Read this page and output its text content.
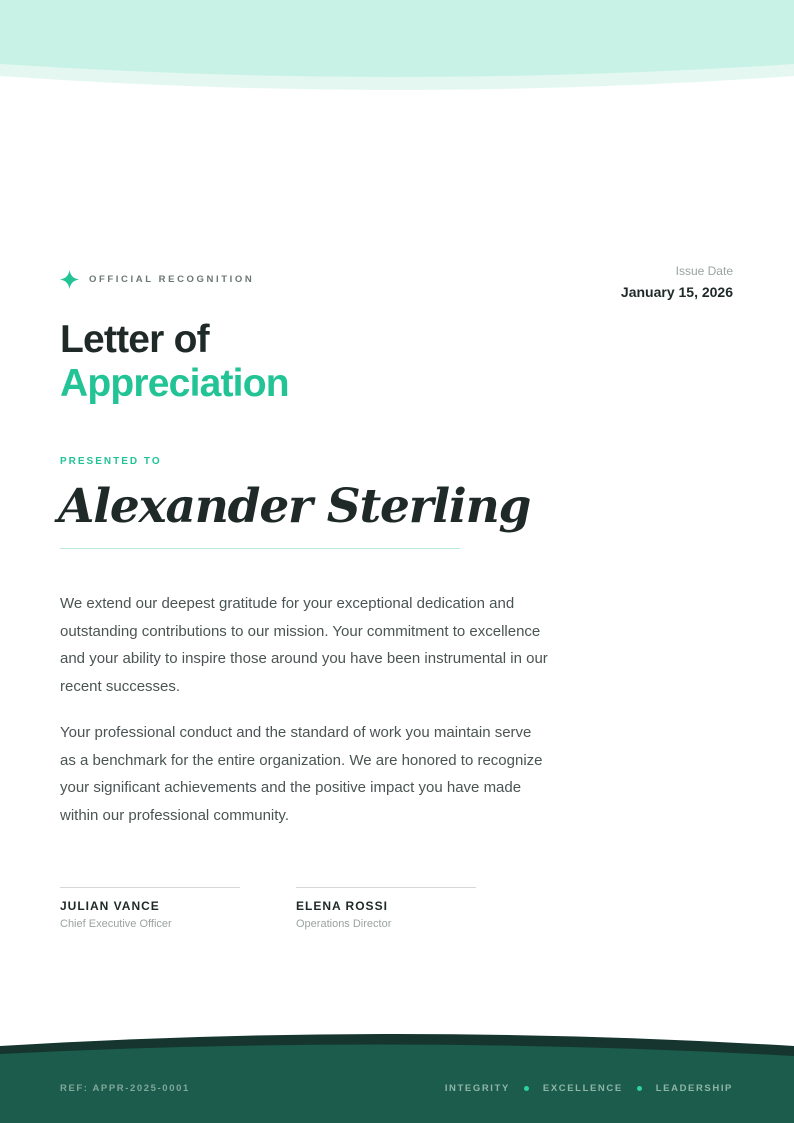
OFFICIAL RECOGNITION
Issue Date
January 15, 2026
Letter of
Appreciation
PRESENTED TO
Alexander Sterling

We extend our deepest gratitude for your exceptional dedication and outstanding contributions to our mission. Your commitment to excellence and your ability to inspire those around you have been instrumental in our recent successes.

Your professional conduct and the standard of work you maintain serve as a benchmark for the entire organization. We are honored to recognize your significant achievements and the positive impact you have made within our professional community.

JULIAN VANCE
Chief Executive Officer
ELENA ROSSI
Operations Director
REF: APPR-2025-0001	INTEGRITY	EXCELLENCE	LEADERSHIP
